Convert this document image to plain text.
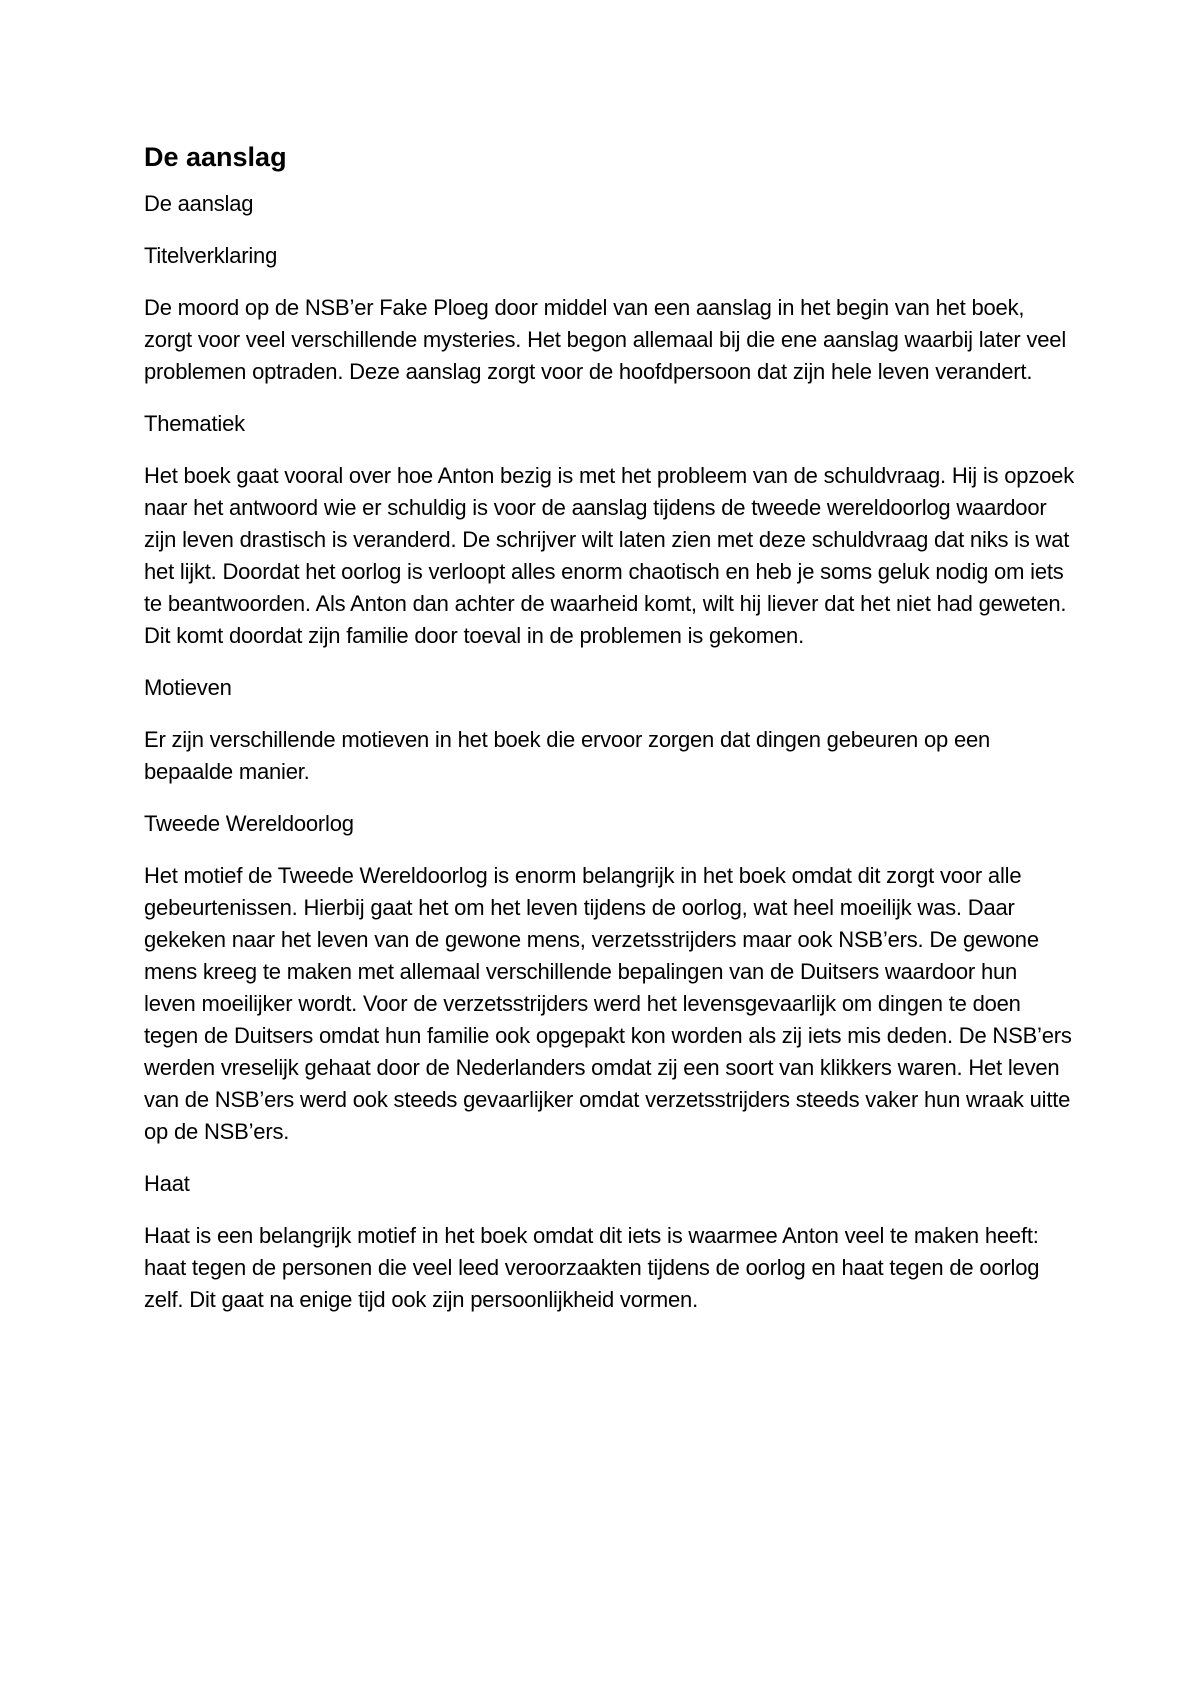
De aanslag

De aanslag

Titelverklaring

De moord op de NSB’er Fake Ploeg door middel van een aanslag in het begin van het boek, zorgt voor veel verschillende mysteries. Het begon allemaal bij die ene aanslag waarbij later veel problemen optraden. Deze aanslag zorgt voor de hoofdpersoon dat zijn hele leven verandert.

Thematiek

Het boek gaat vooral over hoe Anton bezig is met het probleem van de schuldvraag. Hij is opzoek naar het antwoord wie er schuldig is voor de aanslag tijdens de tweede wereldoorlog waardoor zijn leven drastisch is veranderd. De schrijver wilt laten zien met deze schuldvraag dat niks is wat het lijkt. Doordat het oorlog is verloopt alles enorm chaotisch en heb je soms geluk nodig om iets te beantwoorden. Als Anton dan achter de waarheid komt, wilt hij liever dat het niet had geweten. Dit komt doordat zijn familie door toeval in de problemen is gekomen.

Motieven

Er zijn verschillende motieven in het boek die ervoor zorgen dat dingen gebeuren op een bepaalde manier.

Tweede Wereldoorlog

Het motief de Tweede Wereldoorlog is enorm belangrijk in het boek omdat dit zorgt voor alle gebeurtenissen. Hierbij gaat het om het leven tijdens de oorlog, wat heel moeilijk was. Daar gekeken naar het leven van de gewone mens, verzetsstrijders maar ook NSB’ers. De gewone mens kreeg te maken met allemaal verschillende bepalingen van de Duitsers waardoor hun leven moeilijker wordt. Voor de verzetsstrijders werd het levensgevaarlijk om dingen te doen tegen de Duitsers omdat hun familie ook opgepakt kon worden als zij iets mis deden. De NSB’ers werden vreselijk gehaat door de Nederlanders omdat zij een soort van klikkers waren. Het leven van de NSB’ers werd ook steeds gevaarlijker omdat verzetsstrijders steeds vaker hun wraak uitte op de NSB’ers.

Haat

Haat is een belangrijk motief in het boek omdat dit iets is waarmee Anton veel te maken heeft: haat tegen de personen die veel leed veroorzaakten tijdens de oorlog en haat tegen de oorlog zelf. Dit gaat na enige tijd ook zijn persoonlijkheid vormen.
